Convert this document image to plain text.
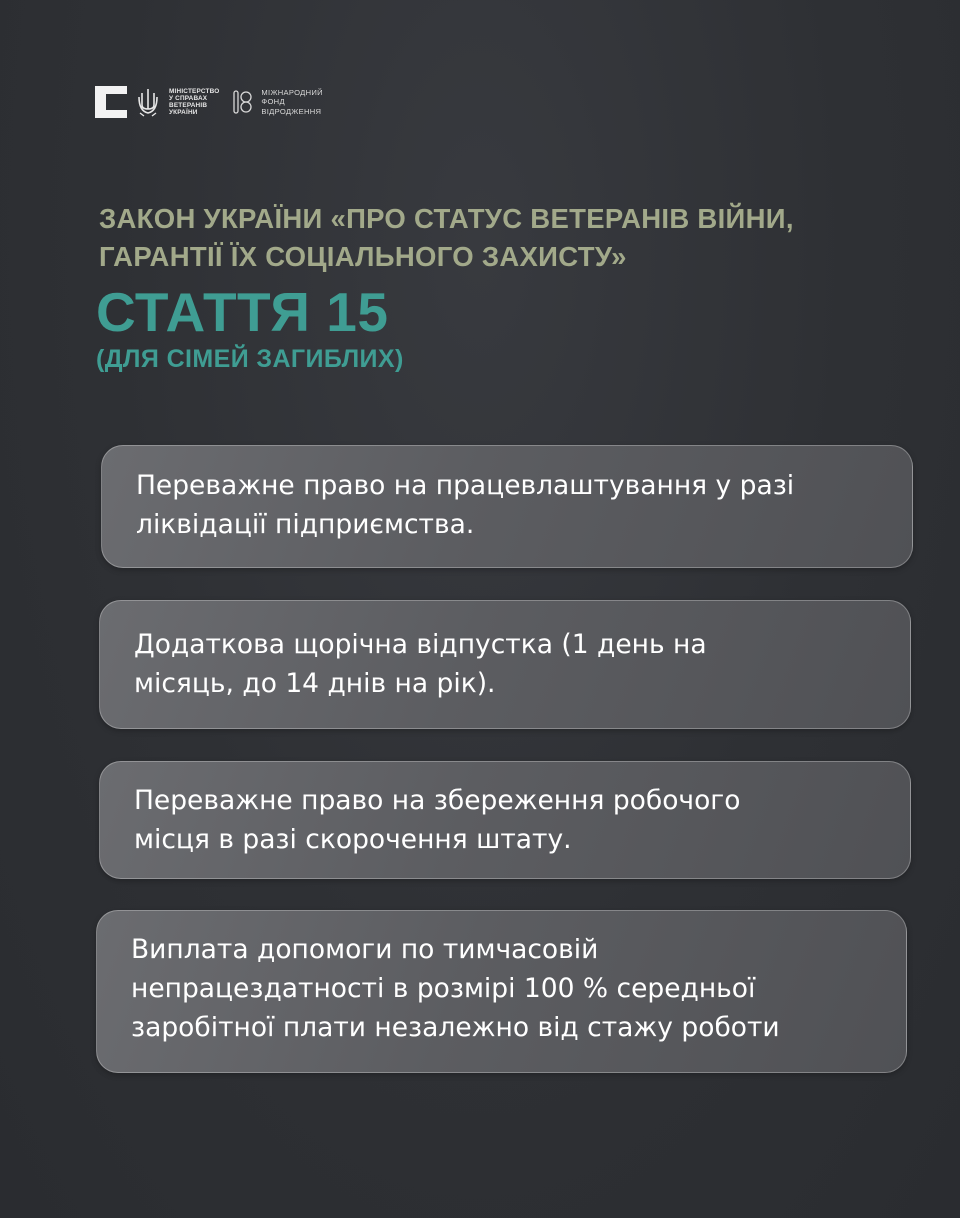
МІНІСТЕРСТВО
У СПРАВАХ
ВЕТЕРАНІВ
УКРАЇНИ
МІЖНАРОДНИЙ
ФОНД
ВІДРОДЖЕННЯ
ЗАКОН УКРАЇНИ «ПРО СТАТУС ВЕТЕРАНІВ ВІЙНИ,
ГАРАНТІЇ ЇХ СОЦІАЛЬНОГО ЗАХИСТУ»
СТАТТЯ 15
(ДЛЯ СІМЕЙ ЗАГИБЛИХ)
Переважне право на працевлаштування у разі
ліквідації підприємства.
Додаткова щорічна відпустка (1 день на
місяць, до 14 днів на рік).
Переважне право на збереження робочого
місця в разі скорочення штату.
Виплата допомоги по тимчасовій
непрацездатності в розмірі 100 % середньої
заробітної плати незалежно від стажу роботи
